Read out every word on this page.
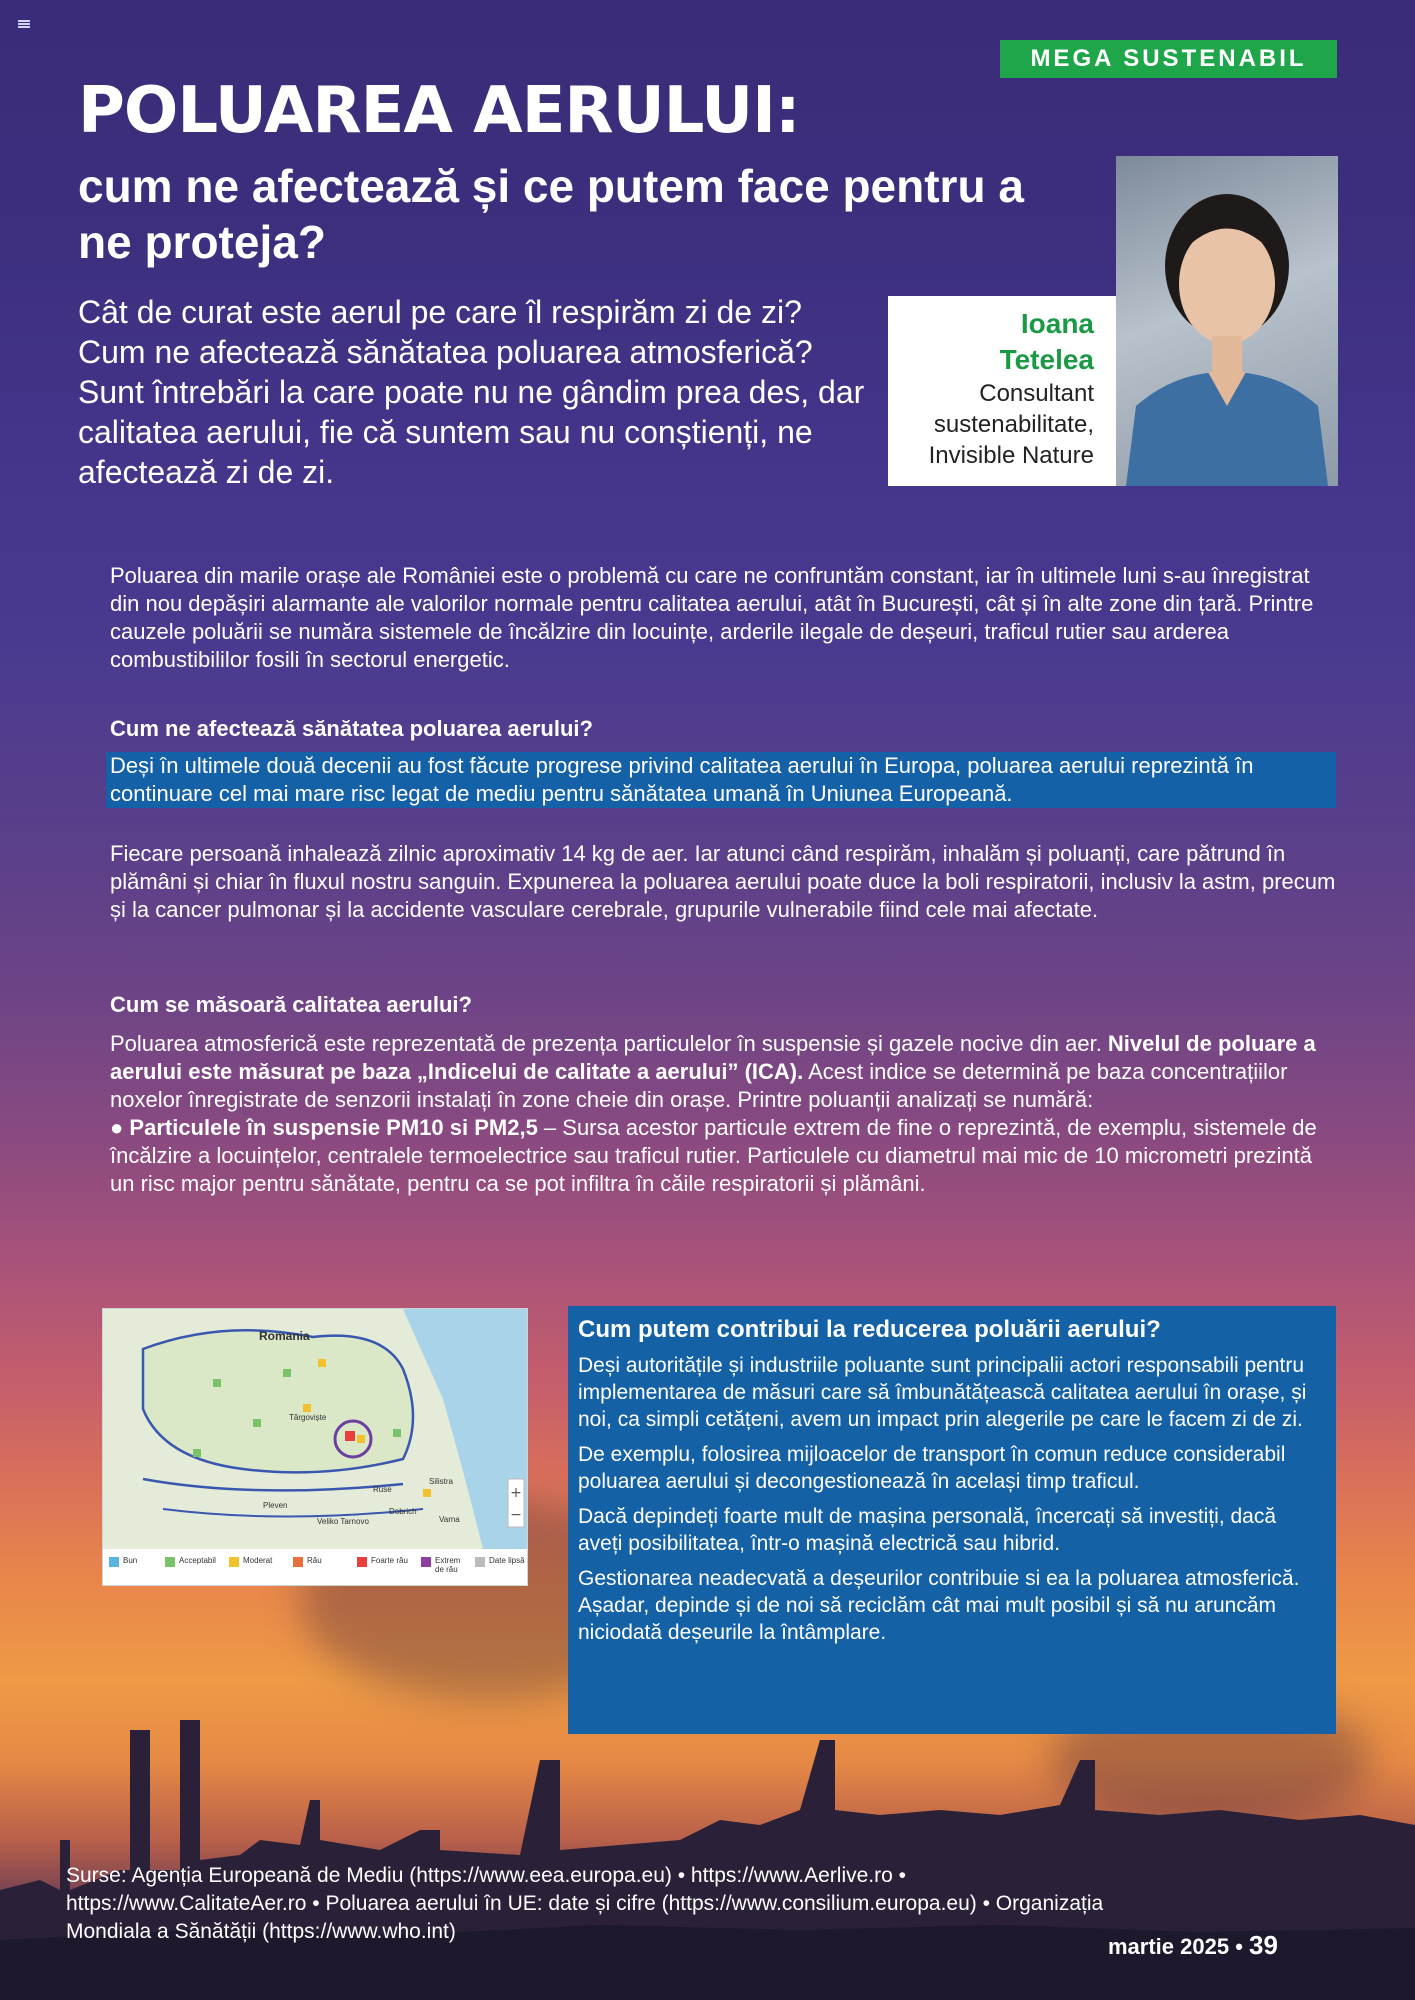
MEGA SUSTENABIL
POLUAREA AERULUI:
cum ne afectează și ce putem face pentru a ne proteja?

Cât de curat este aerul pe care îl respirăm zi de zi? Cum ne afectează sănătatea poluarea atmosferică? Sunt întrebări la care poate nu ne gândim prea des, dar calitatea aerului, fie că suntem sau nu conștienți, ne afectează zi de zi.

Ioana
Tetelea
Consultant
sustenabilitate,
Invisible Nature

Poluarea din marile orașe ale României este o problemă cu care ne confruntăm constant, iar în ultimele luni s-au înregistrat din nou depășiri alarmante ale valorilor normale pentru calitatea aerului, atât în București, cât și în alte zone din țară. Printre cauzele poluării se număra sistemele de încălzire din locuințe, arderile ilegale de deșeuri, traficul rutier sau arderea combustibililor fosili în sectorul energetic.

Cum ne afectează sănătatea poluarea aerului?

Deși în ultimele două decenii au fost făcute progrese privind calitatea aerului în Europa, poluarea aerului reprezintă în continuare cel mai mare risc legat de mediu pentru sănătatea umană în Uniunea Europeană.

Fiecare persoană inhalează zilnic aproximativ 14 kg de aer. Iar atunci când respirăm, inhalăm și poluanți, care pătrund în plămâni și chiar în fluxul nostru sanguin. Expunerea la poluarea aerului poate duce la boli respiratorii, inclusiv la astm, precum și la cancer pulmonar și la accidente vasculare cerebrale, grupurile vulnerabile fiind cele mai afectate.

Cum se măsoară calitatea aerului?

Poluarea atmosferică este reprezentată de prezența particulelor în suspensie și gazele nocive din aer. Nivelul de poluare a aerului este măsurat pe baza „Indicelui de calitate a aerului” (ICA). Acest indice se determină pe baza concentrațiilor noxelor înregistrate de senzorii instalați în zone cheie din orașe. Printre poluanții analizați se numără:

● Particulele în suspensie PM10 si PM2,5 – Sursa acestor particule extrem de fine o reprezintă, de exemplu, sistemele de încălzire a locuințelor, centralele termoelectrice sau traficul rutier. Particulele cu diametrul mai mic de 10 micrometri prezintă un risc major pentru sănătate, pentru ca se pot infiltra în căile respiratorii și plămâni.

+
−
Romania
Târgoviște
Pleven
Veliko Tarnovo	Varna
Silistra
Ruse
Dobrich
Bun	Acceptabil	Moderat	Rău	Foarte rău	Extrem de rău
Date lipsă
Cum putem contribui la reducerea poluării aerului?

Deși autoritățile și industriile poluante sunt principalii actori responsabili pentru implementarea de măsuri care să îmbunătățească calitatea aerului în orașe, și noi, ca simpli cetățeni, avem un impact prin alegerile pe care le facem zi de zi.

De exemplu, folosirea mijloacelor de transport în comun reduce considerabil poluarea aerului și decongestionează în același timp traficul.

Dacă depindeți foarte mult de mașina personală, încercați să investiți, dacă aveți posibilitatea, într-o mașină electrică sau hibrid.

Gestionarea neadecvată a deșeurilor contribuie si ea la poluarea atmosferică. Așadar, depinde și de noi să reciclăm cât mai mult posibil și să nu aruncăm niciodată deșeurile la întâmplare.

Surse: Agenția Europeană de Mediu (https://www.eea.europa.eu) • https://www.Aerlive.ro • https://www.CalitateAer.ro • Poluarea aerului în UE: date și cifre (https://www.consilium.europa.eu) • Organizația Mondiala a Sănătății (https://www.who.int)

martie 2025 • 39
